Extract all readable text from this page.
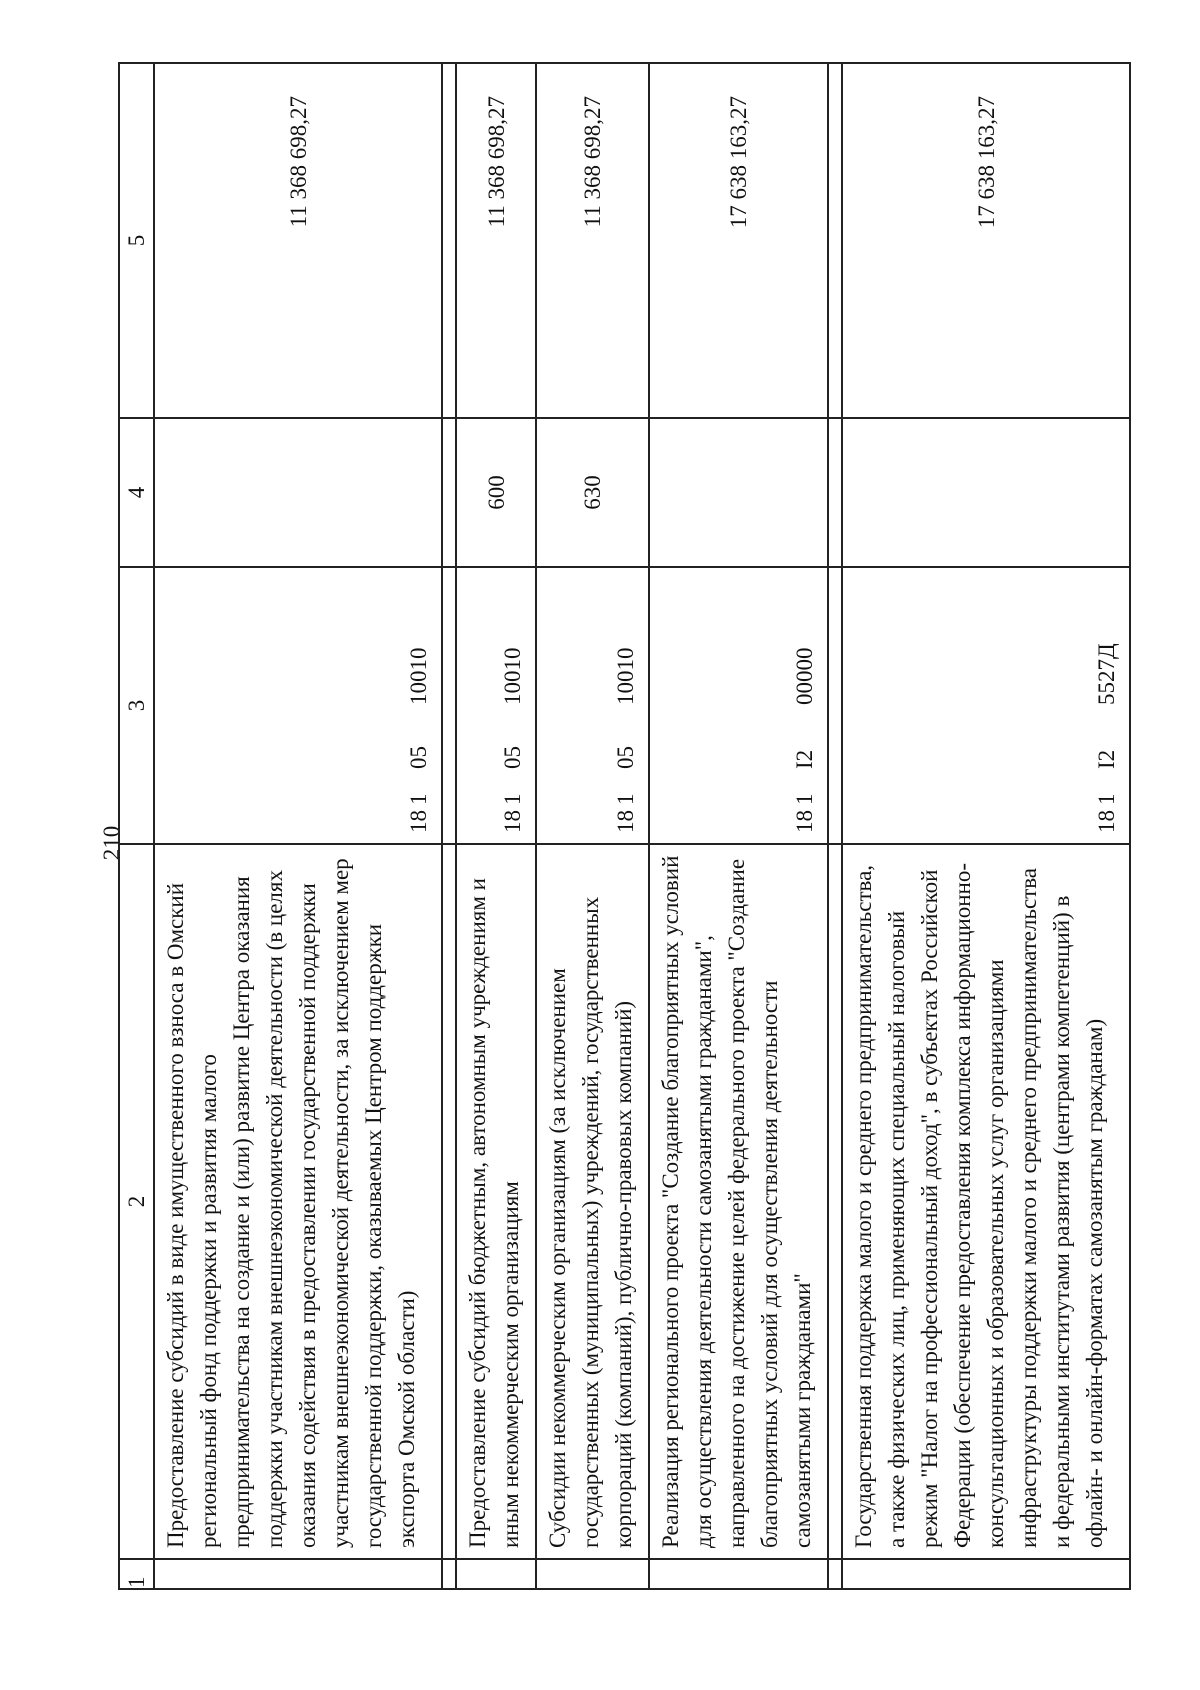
210
1	2	3	4	5
	Предоставление субсидий в виде имущественного взноса в Омский региональный фонд поддержки и развития малого предпринимательства на создание и (или) развитие Центра оказания поддержки участникам внешнеэкономической деятельности (в целях оказания содействия в предоставлении государственной поддержки участникам внешнеэкономической деятельности, за исключением мер государственной поддержки, оказываемых Центром поддержки экспорта Омской области)	1810510010		11 368 698,27

	Предоставление субсидий бюджетным, автономным учреждениям и иным некоммерческим организациям	1810510010	600	11 368 698,27
	Субсидии некоммерческим организациям (за исключением государственных (муниципальных) учреждений, государственных корпораций (компаний), публично-правовых компаний)	1810510010	630	11 368 698,27
	Реализация регионального проекта "Создание благоприятных условий для осуществления деятельности самозанятыми гражданами", направленного на достижение целей федерального проекта "Создание благоприятных условий для осуществления деятельности самозанятыми гражданами"	181I200000		17 638 163,27

	Государственная поддержка малого и среднего предпринимательства, а также физических лиц, применяющих специальный налоговый режим "Налог на профессиональный доход", в субъектах Российской Федерации (обеспечение предоставления комплекса информационно-консультационных и образовательных услуг организациями инфраструктуры поддержки малого и среднего предпринимательства и федеральными институтами развития (центрами компетенций) в офлайн- и онлайн-форматах самозанятым гражданам)	181I25527Д		17 638 163,27
